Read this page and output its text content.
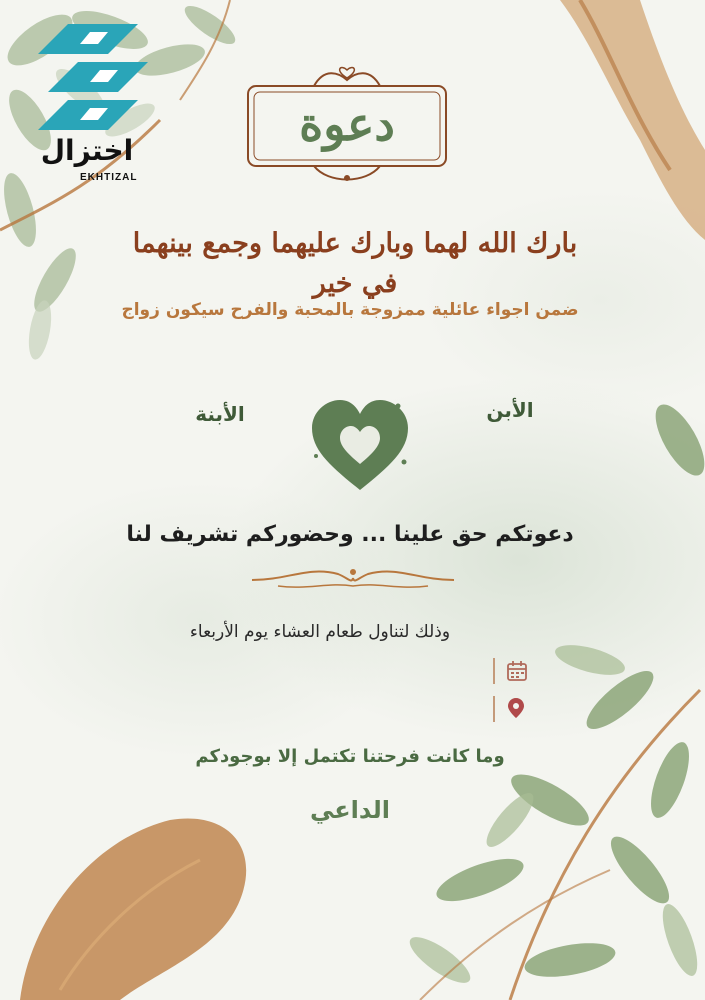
اختزال
EKHTIZAL
دعوة
بارك الله لهما وبارك عليهما وجمع بينهما في خير
ضمن اجواء عائلية ممزوجة بالمحبة والفرح سيكون زواج
الأبن
الأبنة
دعوتكم حق علينا ... وحضوركم تشريف لنا
وذلك لتناول طعام العشاء يوم الأربعاء
وما كانت فرحتنا تكتمل إلا بوجودكم
الداعي
